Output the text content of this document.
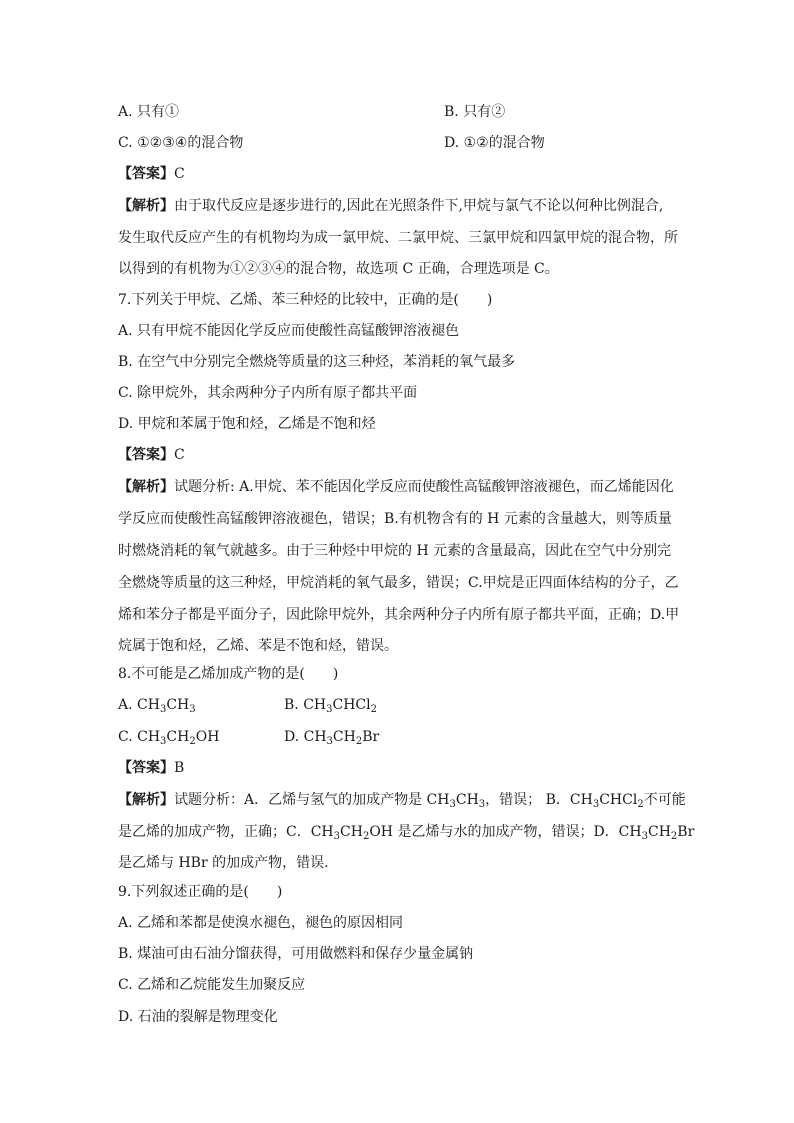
A. 只有①	B. 只有②
C. ①②③④的混合物	D. ①②的混合物
【答案】C
【解析】由于取代反应是逐步进行的,因此在光照条件下,甲烷与氯气不论以何种比例混合,
发生取代反应产生的有机物均为成一氯甲烷、二氯甲烷、三氯甲烷和四氯甲烷的混合物，所
以得到的有机物为①②③④的混合物，故选项 C 正确，合理选项是 C。
7.下列关于甲烷、乙烯、苯三种烃的比较中，正确的是(　　)
A. 只有甲烷不能因化学反应而使酸性高锰酸钾溶液褪色
B. 在空气中分别完全燃烧等质量的这三种烃，苯消耗的氧气最多
C. 除甲烷外，其余两种分子内所有原子都共平面
D. 甲烷和苯属于饱和烃，乙烯是不饱和烃
【答案】C
【解析】试题分析: A.甲烷、苯不能因化学反应而使酸性高锰酸钾溶液褪色，而乙烯能因化
学反应而使酸性高锰酸钾溶液褪色，错误；B.有机物含有的 H 元素的含量越大，则等质量
时燃烧消耗的氧气就越多。由于三种烃中甲烷的 H 元素的含量最高，因此在空气中分别完
全燃烧等质量的这三种烃，甲烷消耗的氧气最多，错误；C.甲烷是正四面体结构的分子，乙
烯和苯分子都是平面分子，因此除甲烷外，其余两种分子内所有原子都共平面，正确；D.甲
烷属于饱和烃，乙烯、苯是不饱和烃，错误。
8.不可能是乙烯加成产物的是(　　)
A. $CH_3CH_3$	B. $CH_3CHCl_2$
C. $CH_3CH_2OH$	D. $CH_3CH_2Br$
【答案】B
【解析】试题分析：A．乙烯与氢气的加成产物是 $CH_3CH_3$，错误； B．$CH_3CHCl_2$不可能
是乙烯的加成产物，正确；C．$CH_3CH_2OH$ 是乙烯与水的加成产物，错误；D．$CH_3CH_2Br$
是乙烯与 HBr 的加成产物，错误.
9.下列叙述正确的是(　　)
A. 乙烯和苯都是使溴水褪色，褪色的原因相同
B. 煤油可由石油分馏获得，可用做燃料和保存少量金属钠
C. 乙烯和乙烷能发生加聚反应
D. 石油的裂解是物理变化
